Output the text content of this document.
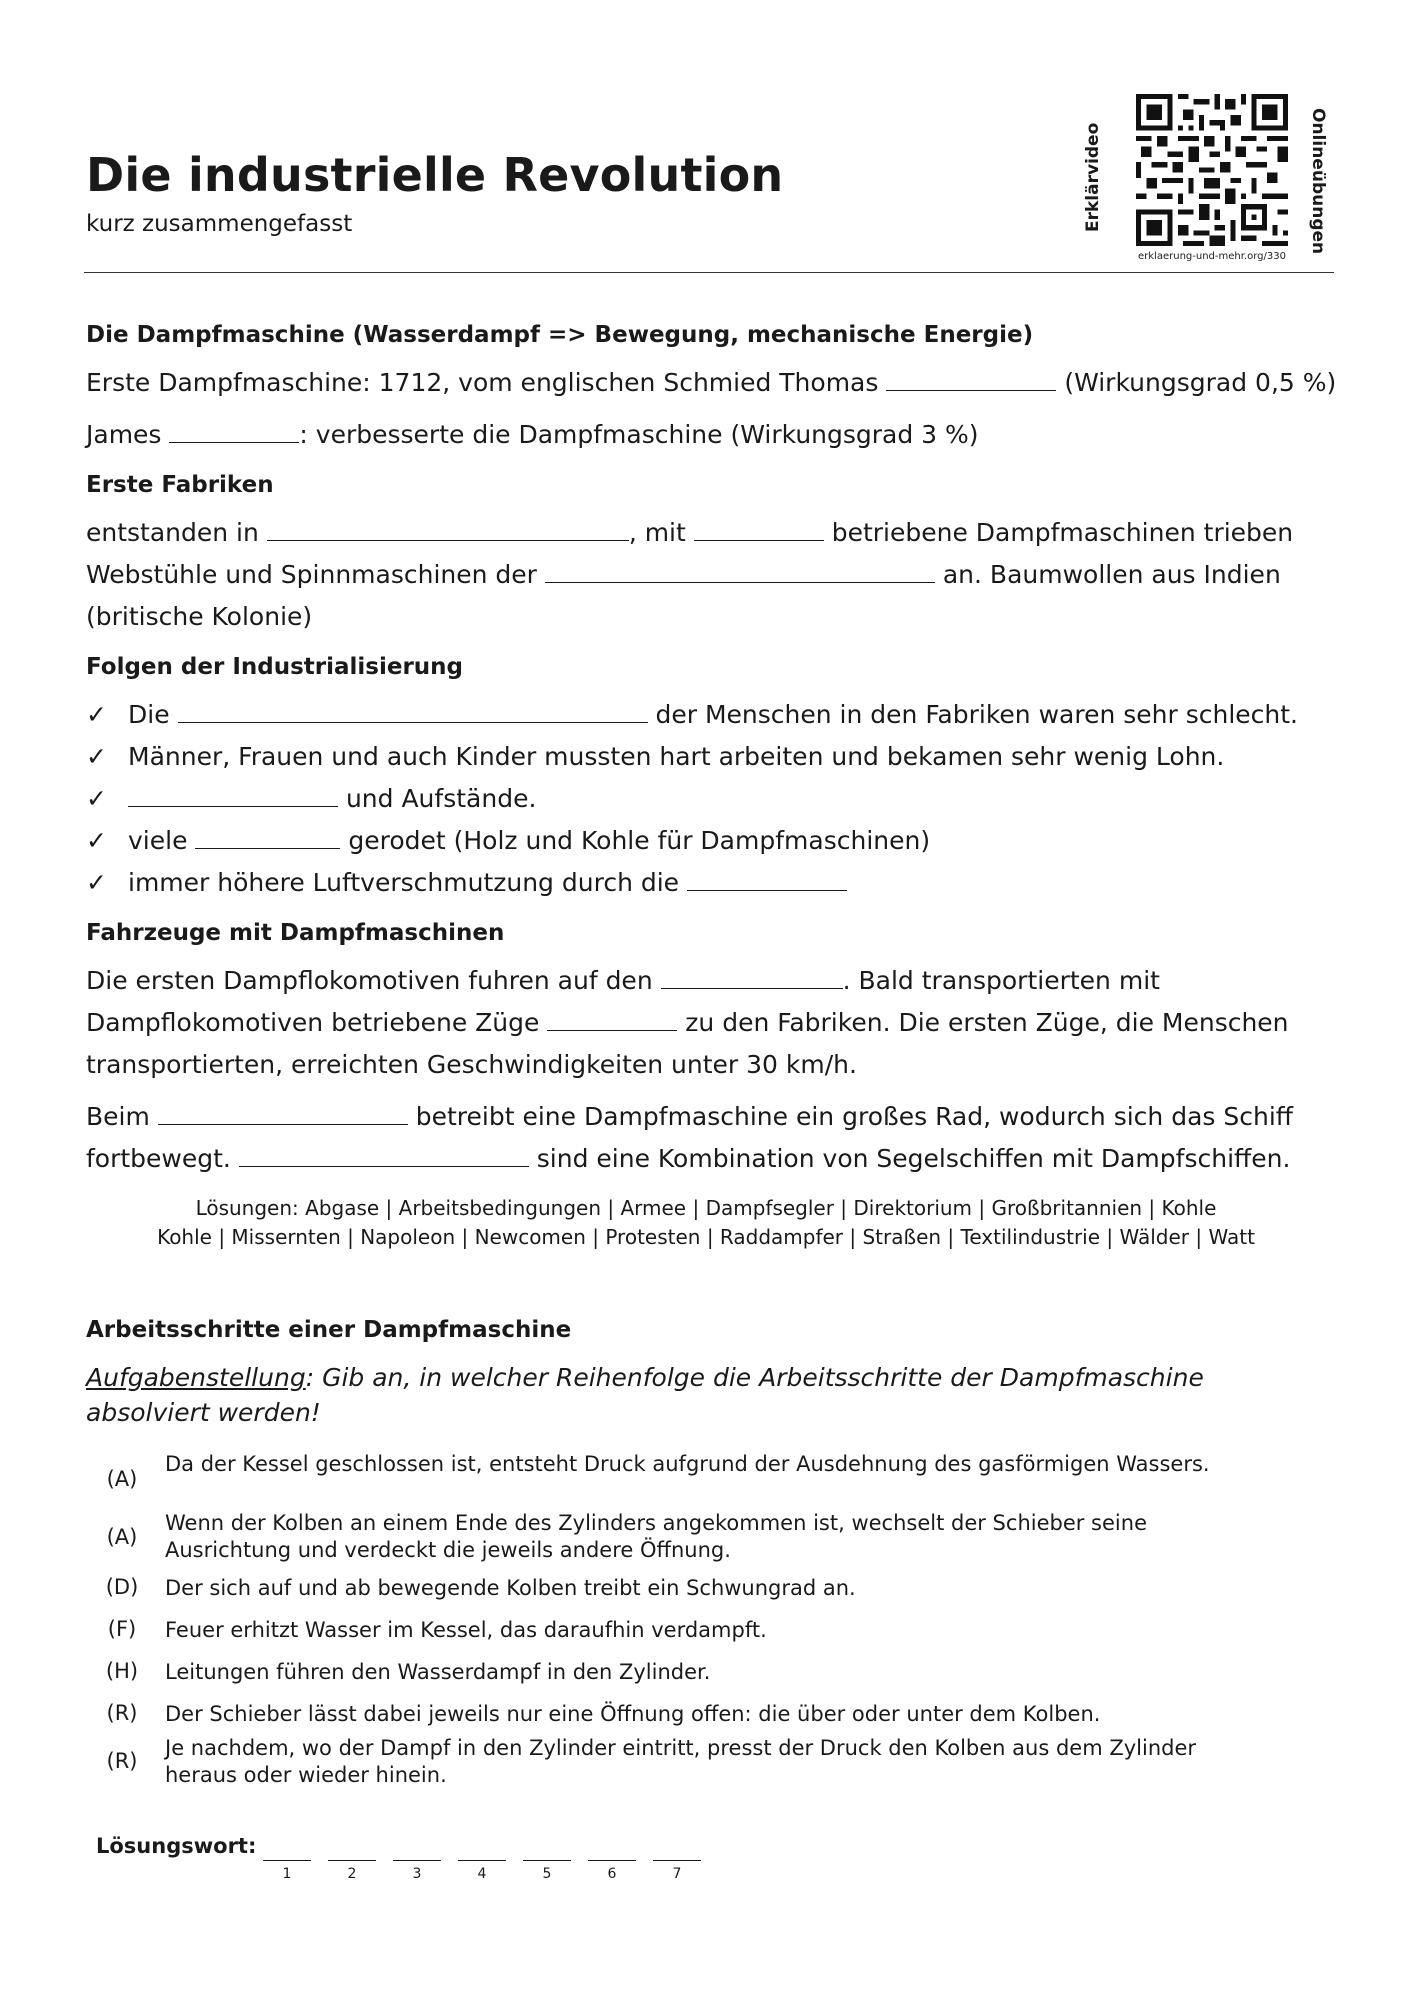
Die industrielle Revolution
kurz zusammengefasst	Erklärvideo	Onlineübungen
erklaerung-und-mehr.org/330
Die Dampfmaschine (Wasserdampf => Bewegung, mechanische Energie)
Erste Dampfmaschine: 1712, vom englischen Schmied Thomas	(Wirkungsgrad 0,5 %)
James	: verbesserte die Dampfmaschine (Wirkungsgrad 3 %)
Erste Fabriken
entstanden in	, mit	betriebene Dampfmaschinen trieben
Webstühle und Spinnmaschinen der	an. Baumwollen aus Indien
(britische Kolonie)
Folgen der Industrialisierung
✓ Die	der Menschen in den Fabriken waren sehr schlecht.
✓ Männer, Frauen und auch Kinder mussten hart arbeiten und bekamen sehr wenig Lohn.
✓	und Aufstände.
✓ viele	gerodet (Holz und Kohle für Dampfmaschinen)
✓ immer höhere Luftverschmutzung durch die
Fahrzeuge mit Dampfmaschinen
Die ersten Dampflokomotiven fuhren auf den	. Bald transportierten mit
Dampflokomotiven betriebene Züge	zu den Fabriken. Die ersten Züge, die Menschen
transportierten, erreichten Geschwindigkeiten unter 30 km/h.
Beim	betreibt eine Dampfmaschine ein großes Rad, wodurch sich das Schiff
fortbewegt.	sind eine Kombination von Segelschiffen mit Dampfschiffen.
Lösungen: Abgase | Arbeitsbedingungen | Armee | Dampfsegler | Direktorium | Großbritannien | Kohle
Kohle | Missernten | Napoleon | Newcomen | Protesten | Raddampfer | Straßen | Textilindustrie | Wälder | Watt
Arbeitsschritte einer Dampfmaschine
Aufgabenstellung: Gib an, in welcher Reihenfolge die Arbeitsschritte der Dampfmaschine absolviert werden!
(A)
Da der Kessel geschlossen ist, entsteht Druck aufgrund der Ausdehnung des gasförmigen Wassers.
(A)
Wenn der Kolben an einem Ende des Zylinders angekommen ist, wechselt der Schieber seine Ausrichtung und verdeckt die jeweils andere Öffnung.
(D) Der sich auf und ab bewegende Kolben treibt ein Schwungrad an.
(F)	Feuer erhitzt Wasser im Kessel, das daraufhin verdampft.
(H) Leitungen führen den Wasserdampf in den Zylinder.
(R)	Der Schieber lässt dabei jeweils nur eine Öffnung offen: die über oder unter dem Kolben.
(R)
Je nachdem, wo der Dampf in den Zylinder eintritt, presst der Druck den Kolben aus dem Zylinder heraus oder wieder hinein.
Lösungswort:
1	2	3	4	5	6	7
